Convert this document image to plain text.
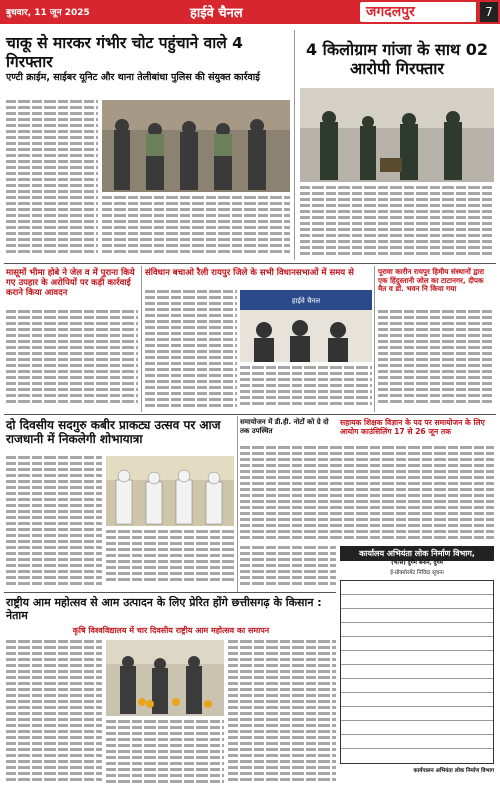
बुधवार, 11 जून 2025	हाईवे चैनल	जगदलपुर	7
चाकू से मारकर गंभीर चोट पहुंचाने वाले 4 गिरफ्तार
एण्टी क्राईम, साईबर यूनिट और थाना तेलीबांधा पुलिस की संयुक्त कार्रवाई
4 किलोग्राम गांजा के साथ 02 आरोपी गिरफ्तार
मासूमों भीमा होबे ने जेल व में पुराना किये गए उपहार के अरोपियों पर कड़ी कार्रवाई कराने किया आवदन
संविधान बचाओ रैली रायपुर जिले के सभी विधानसभाओं में समय से
हाईवे चैनल
पूरावा कारीन रायपुर हिमीय संस्थानों द्वारा एक हिंदुस्तानी जोल का टाटानगर, दीपक मैत व डॉ. भवन नि किया गया
दो दिवसीय सदगुरु कबीर प्राकट्य उत्सव पर आज राजधानी में निकलेगी शोभायात्रा
समायोजन में डी.ही. नोटों को ग्रे दो तक उपस्थित
सहायक शिक्षक विज्ञान के पद पर समायोजन के लिए आयोग काउंसिलिंग 17 से 26 जून तक
कार्यालय अभियंता लोक निर्माण विभाग,
(भ/स) दुर्गम बनाने, दुर्गम
ई-प्रोक्योरमेंट निविदा सूचना
कार्यपालन अभियंता लोक निर्माण विभाग
राष्ट्रीय आम महोत्सव से आम उत्पादन के लिए प्रेरित होंगे छत्तीसगढ़ के किसान : नेताम
कृषि विश्वविद्यालय में चार दिवसीय राष्ट्रीय आम महोत्सव का समापन
